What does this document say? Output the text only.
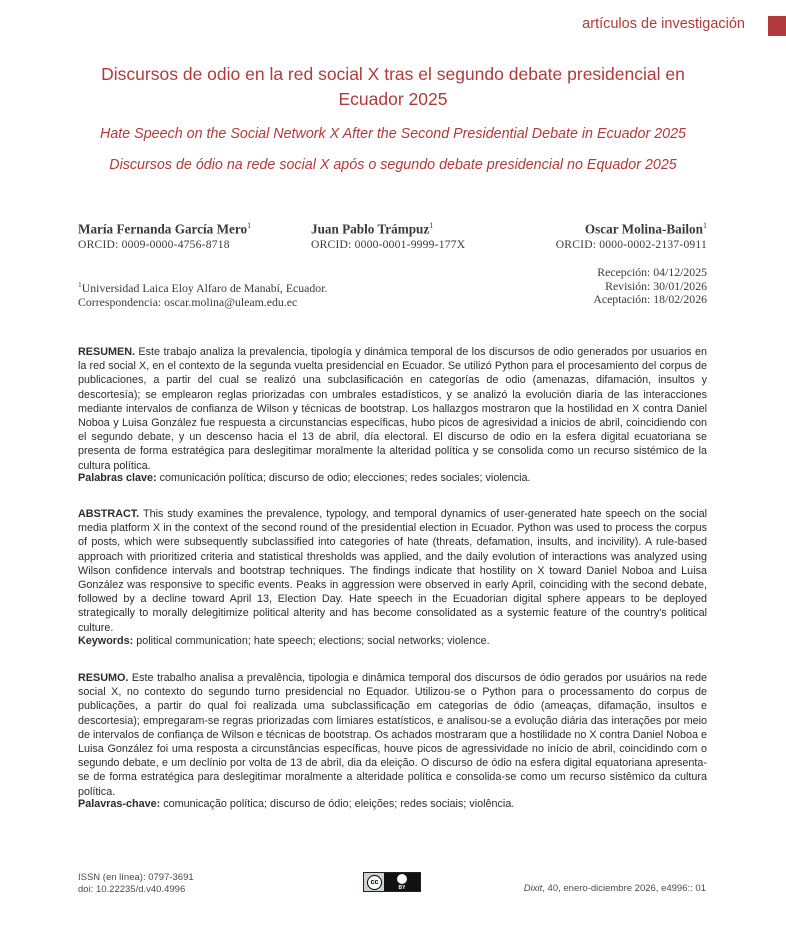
artículos de investigación
Discursos de odio en la red social X tras el segundo debate presidencial en Ecuador 2025
Hate Speech on the Social Network X After the Second Presidential Debate in Ecuador 2025
Discursos de ódio na rede social X após o segundo debate presidencial no Equador 2025
María Fernanda García Mero$^1$
ORCID: 0009-0000-4756-8718
Juan Pablo Trámpuz$^1$
ORCID: 0000-0001-9999-177X
Oscar Molina-Bailon$^1$
ORCID: 0000-0002-2137-0911
$^1$Universidad Laica Eloy Alfaro de Manabí, Ecuador.
Correspondencia: oscar.molina@uleam.edu.ec
Recepción: 04/12/2025
Revisión: 30/01/2026
Aceptación: 18/02/2026
RESUMEN. Este trabajo analiza la prevalencia, tipología y dinámica temporal de los discursos de odio generados por usuarios en la red social X, en el contexto de la segunda vuelta presidencial en Ecuador. Se utilizó Python para el procesamiento del corpus de publicaciones, a partir del cual se realizó una subclasificación en categorías de odio (amenazas, difamación, insultos y descortesía); se emplearon reglas priorizadas con umbrales estadísticos, y se analizó la evolución diaria de las interacciones mediante intervalos de confianza de Wilson y técnicas de bootstrap. Los hallazgos mostraron que la hostilidad en X contra Daniel Noboa y Luisa González fue respuesta a circunstancias específicas, hubo picos de agresividad a inicios de abril, coincidiendo con el segundo debate, y un descenso hacia el 13 de abril, día electoral. El discurso de odio en la esfera digital ecuatoriana se presenta de forma estratégica para deslegitimar moralmente la alteridad política y se consolida como un recurso sistémico de la cultura política.
Palabras clave: comunicación política; discurso de odio; elecciones; redes sociales; violencia.
ABSTRACT. This study examines the prevalence, typology, and temporal dynamics of user-generated hate speech on the social media platform X in the context of the second round of the presidential election in Ecuador. Python was used to process the corpus of posts, which were subsequently subclassified into categories of hate (threats, defamation, insults, and incivility). A rule-based approach with prioritized criteria and statistical thresholds was applied, and the daily evolution of interactions was analyzed using Wilson confidence intervals and bootstrap techniques. The findings indicate that hostility on X toward Daniel Noboa and Luisa González was responsive to specific events. Peaks in aggression were observed in early April, coinciding with the second debate, followed by a decline toward April 13, Election Day. Hate speech in the Ecuadorian digital sphere appears to be deployed strategically to morally delegitimize political alterity and has become consolidated as a systemic feature of the country's political culture.
Keywords: political communication; hate speech; elections; social networks; violence.
RESUMO. Este trabalho analisa a prevalência, tipologia e dinâmica temporal dos discursos de ódio gerados por usuários na rede social X, no contexto do segundo turno presidencial no Equador. Utilizou-se o Python para o processamento do corpus de publicações, a partir do qual foi realizada uma subclassificação em categorias de ódio (ameaças, difamação, insultos e descortesia); empregaram-se regras priorizadas com limiares estatísticos, e analisou-se a evolução diária das interações por meio de intervalos de confiança de Wilson e técnicas de bootstrap. Os achados mostraram que a hostilidade no X contra Daniel Noboa e Luisa González foi uma resposta a circunstâncias específicas, houve picos de agressividade no início de abril, coincidindo com o segundo debate, e um declínio por volta de 13 de abril, dia da eleição. O discurso de ódio na esfera digital equatoriana apresenta-se de forma estratégica para deslegitimar moralmente a alteridade política e consolida-se como um recurso sistêmico da cultura política.
Palavras-chave: comunicação política; discurso de ódio; eleições; redes sociais; violência.
ISSN (en línea): 0797-3691
doi: 10.22235/d.v40.4996
cc
BY	Dixit, 40, enero-diciembre 2026, e4996:: 01
